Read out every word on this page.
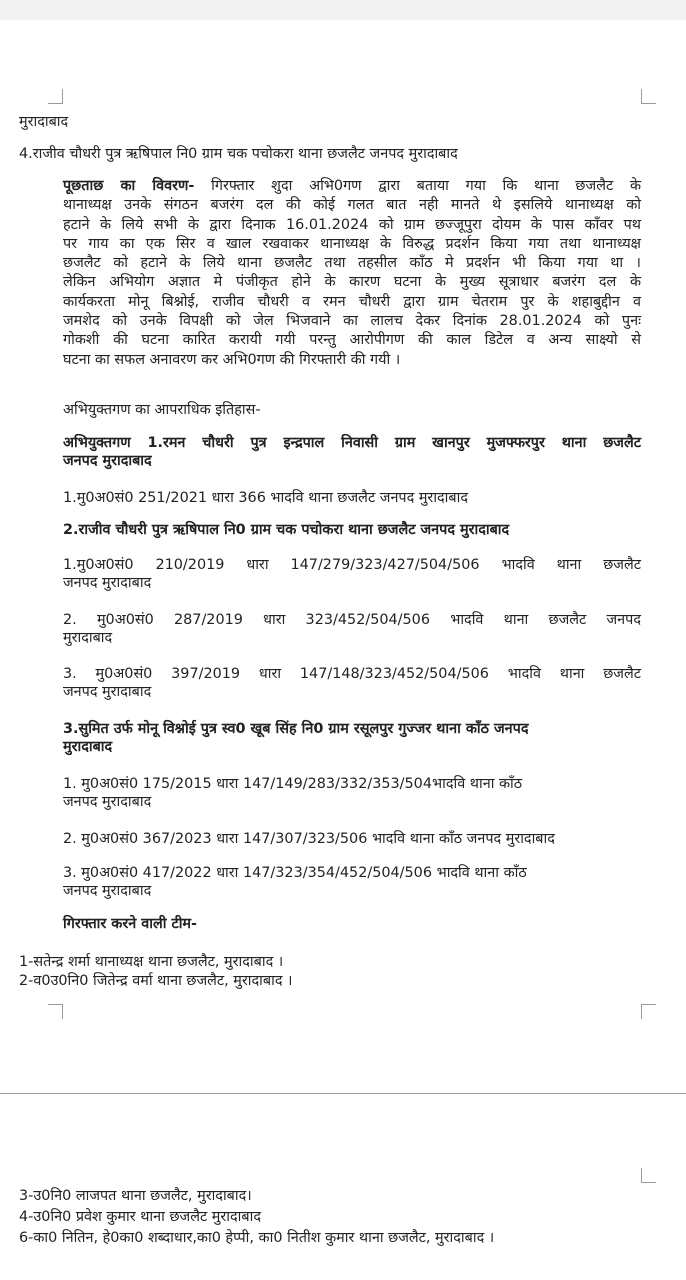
मुरादाबाद
4.राजीव चौधरी पुत्र ऋषिपाल नि0 ग्राम चक पचोकरा थाना छजलैट जनपद मुरादाबाद
पूछताछ का विवरण- गिरफ्तार शुदा अभि0गण द्वारा बताया गया कि थाना छजलैट के
थानाध्यक्ष उनके संगठन बजरंग दल की कोई गलत बात नही मानते थे इसलिये थानाध्यक्ष को
हटाने के लिये सभी के द्वारा दिनाक 16.01.2024 को ग्राम छज्जूपुरा दोयम के पास काँवर पथ
पर गाय का एक सिर व खाल रखवाकर थानाध्यक्ष के विरुद्ध प्रदर्शन किया गया तथा थानाध्यक्ष
छजलैट को हटाने के लिये थाना छजलैट तथा तहसील काँठ मे प्रदर्शन भी किया गया था ।
लेकिन अभियोग अज्ञात मे पंजीकृत होने के कारण घटना के मुख्य सूत्राधार बजरंग दल के
कार्यकरता मोनू बिश्नोई, राजीव चौधरी व रमन चौधरी द्वारा ग्राम चेतराम पुर के शहाबुद्दीन व
जमशेद को उनके विपक्षी को जेल भिजवाने का लालच देकर दिनांक 28.01.2024 को पुनः
गोकशी की घटना कारित करायी गयी परन्तु आरोपीगण की काल डिटेल व अन्य साक्ष्यो से
घटना का सफल अनावरण कर अभि0गण की गिरफ्तारी की गयी ।
अभियुक्तगण का आपराधिक इतिहास-
अभियुक्तगण 1.रमन चौधरी पुत्र इन्द्रपाल निवासी ग्राम खानपुर मुजफ्फरपुर थाना छजलैट
जनपद मुरादाबाद
1.मु0अ0सं0 251/2021 धारा 366 भादवि थाना छजलैट जनपद मुरादाबाद
2.राजीव चौधरी पुत्र ऋषिपाल नि0 ग्राम चक पचोकरा थाना छजलैट जनपद मुरादाबाद
1.मु0अ0सं0 210/2019 धारा 147/279/323/427/504/506 भादवि थाना छजलैट
जनपद मुरादाबाद
2. मु0अ0सं0 287/2019 धारा 323/452/504/506 भादवि थाना छजलैट जनपद
मुरादाबाद
3. मु0अ0सं0 397/2019 धारा 147/148/323/452/504/506 भादवि थाना छजलैट
जनपद मुरादाबाद
3.सुमित उर्फ मोनू विश्नोई पुत्र स्व0 खूब सिंह नि0 ग्राम रसूलपुर गुज्जर थाना काँठ जनपद
मुरादाबाद
1. मु0अ0सं0 175/2015 धारा 147/149/283/332/353/504भादवि थाना काँठ
जनपद मुरादाबाद
2. मु0अ0सं0 367/2023 धारा 147/307/323/506 भादवि थाना काँठ जनपद मुरादाबाद
3. मु0अ0सं0 417/2022 धारा 147/323/354/452/504/506 भादवि थाना काँठ
जनपद मुरादाबाद
गिरफ्तार करने वाली टीम-
1-सतेन्द्र शर्मा थानाध्यक्ष थाना छजलैट, मुरादाबाद ।
2-व0उ0नि0 जितेन्द्र वर्मा थाना छजलैट, मुरादाबाद ।
3-उ0नि0 लाजपत थाना छजलैट, मुरादाबाद।
4-उ0नि0 प्रवेश कुमार थाना छजलैट मुरादाबाद
6-का0 नितिन, हे0का0 शब्दाधार,का0 हेप्पी, का0 नितीश कुमार थाना छजलैट, मुरादाबाद ।
